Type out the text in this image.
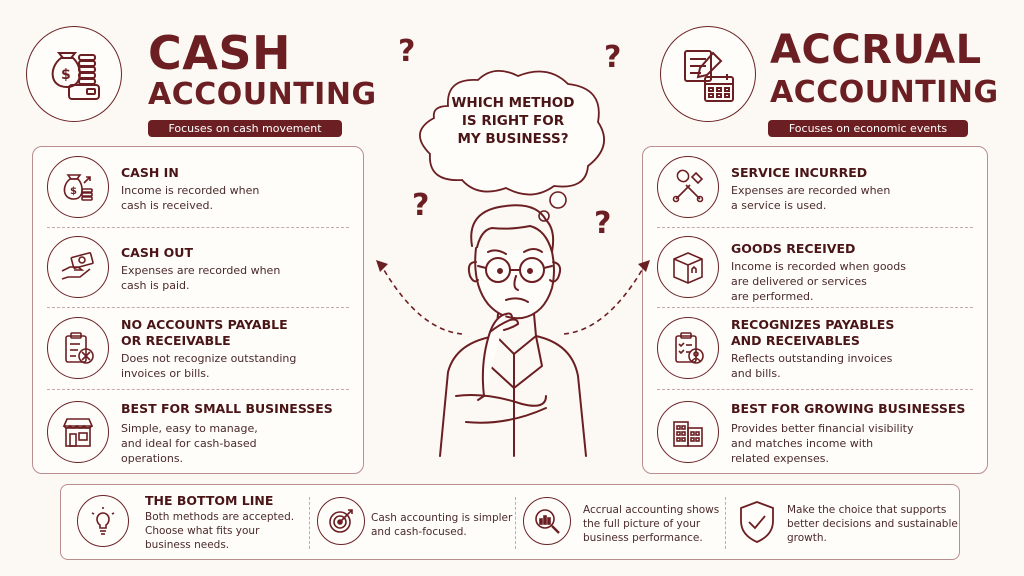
$ CASH
ACCOUNTING
Focuses on cash movement
ACCRUAL
ACCOUNTING
Focuses on economic events
$
CASH IN
Income is recorded when
cash is received.
CASH OUT
Expenses are recorded when
cash is paid.
NO ACCOUNTS PAYABLE
OR RECEIVABLE
Does not recognize outstanding
invoices or bills.
BEST FOR SMALL BUSINESSES
Simple, easy to manage,
and ideal for cash-based
operations.
SERVICE INCURRED
Expenses are recorded when
a service is used.
GOODS RECEIVED
Income is recorded when goods
are delivered or services
are performed.
RECOGNIZES PAYABLES
AND RECEIVABLES
Reflects outstanding invoices
and bills.
BEST FOR GROWING BUSINESSES
Provides better financial visibility
and matches income with
related expenses.
WHICH METHOD
IS RIGHT FOR
MY BUSINESS?
?	?
?
?
THE BOTTOM LINE
Both methods are accepted.
Choose what fits your
business needs.
Cash accounting is simpler
and cash-focused.
Accrual accounting shows
the full picture of your
business performance.
Make the choice that supports
better decisions and sustainable
growth.
